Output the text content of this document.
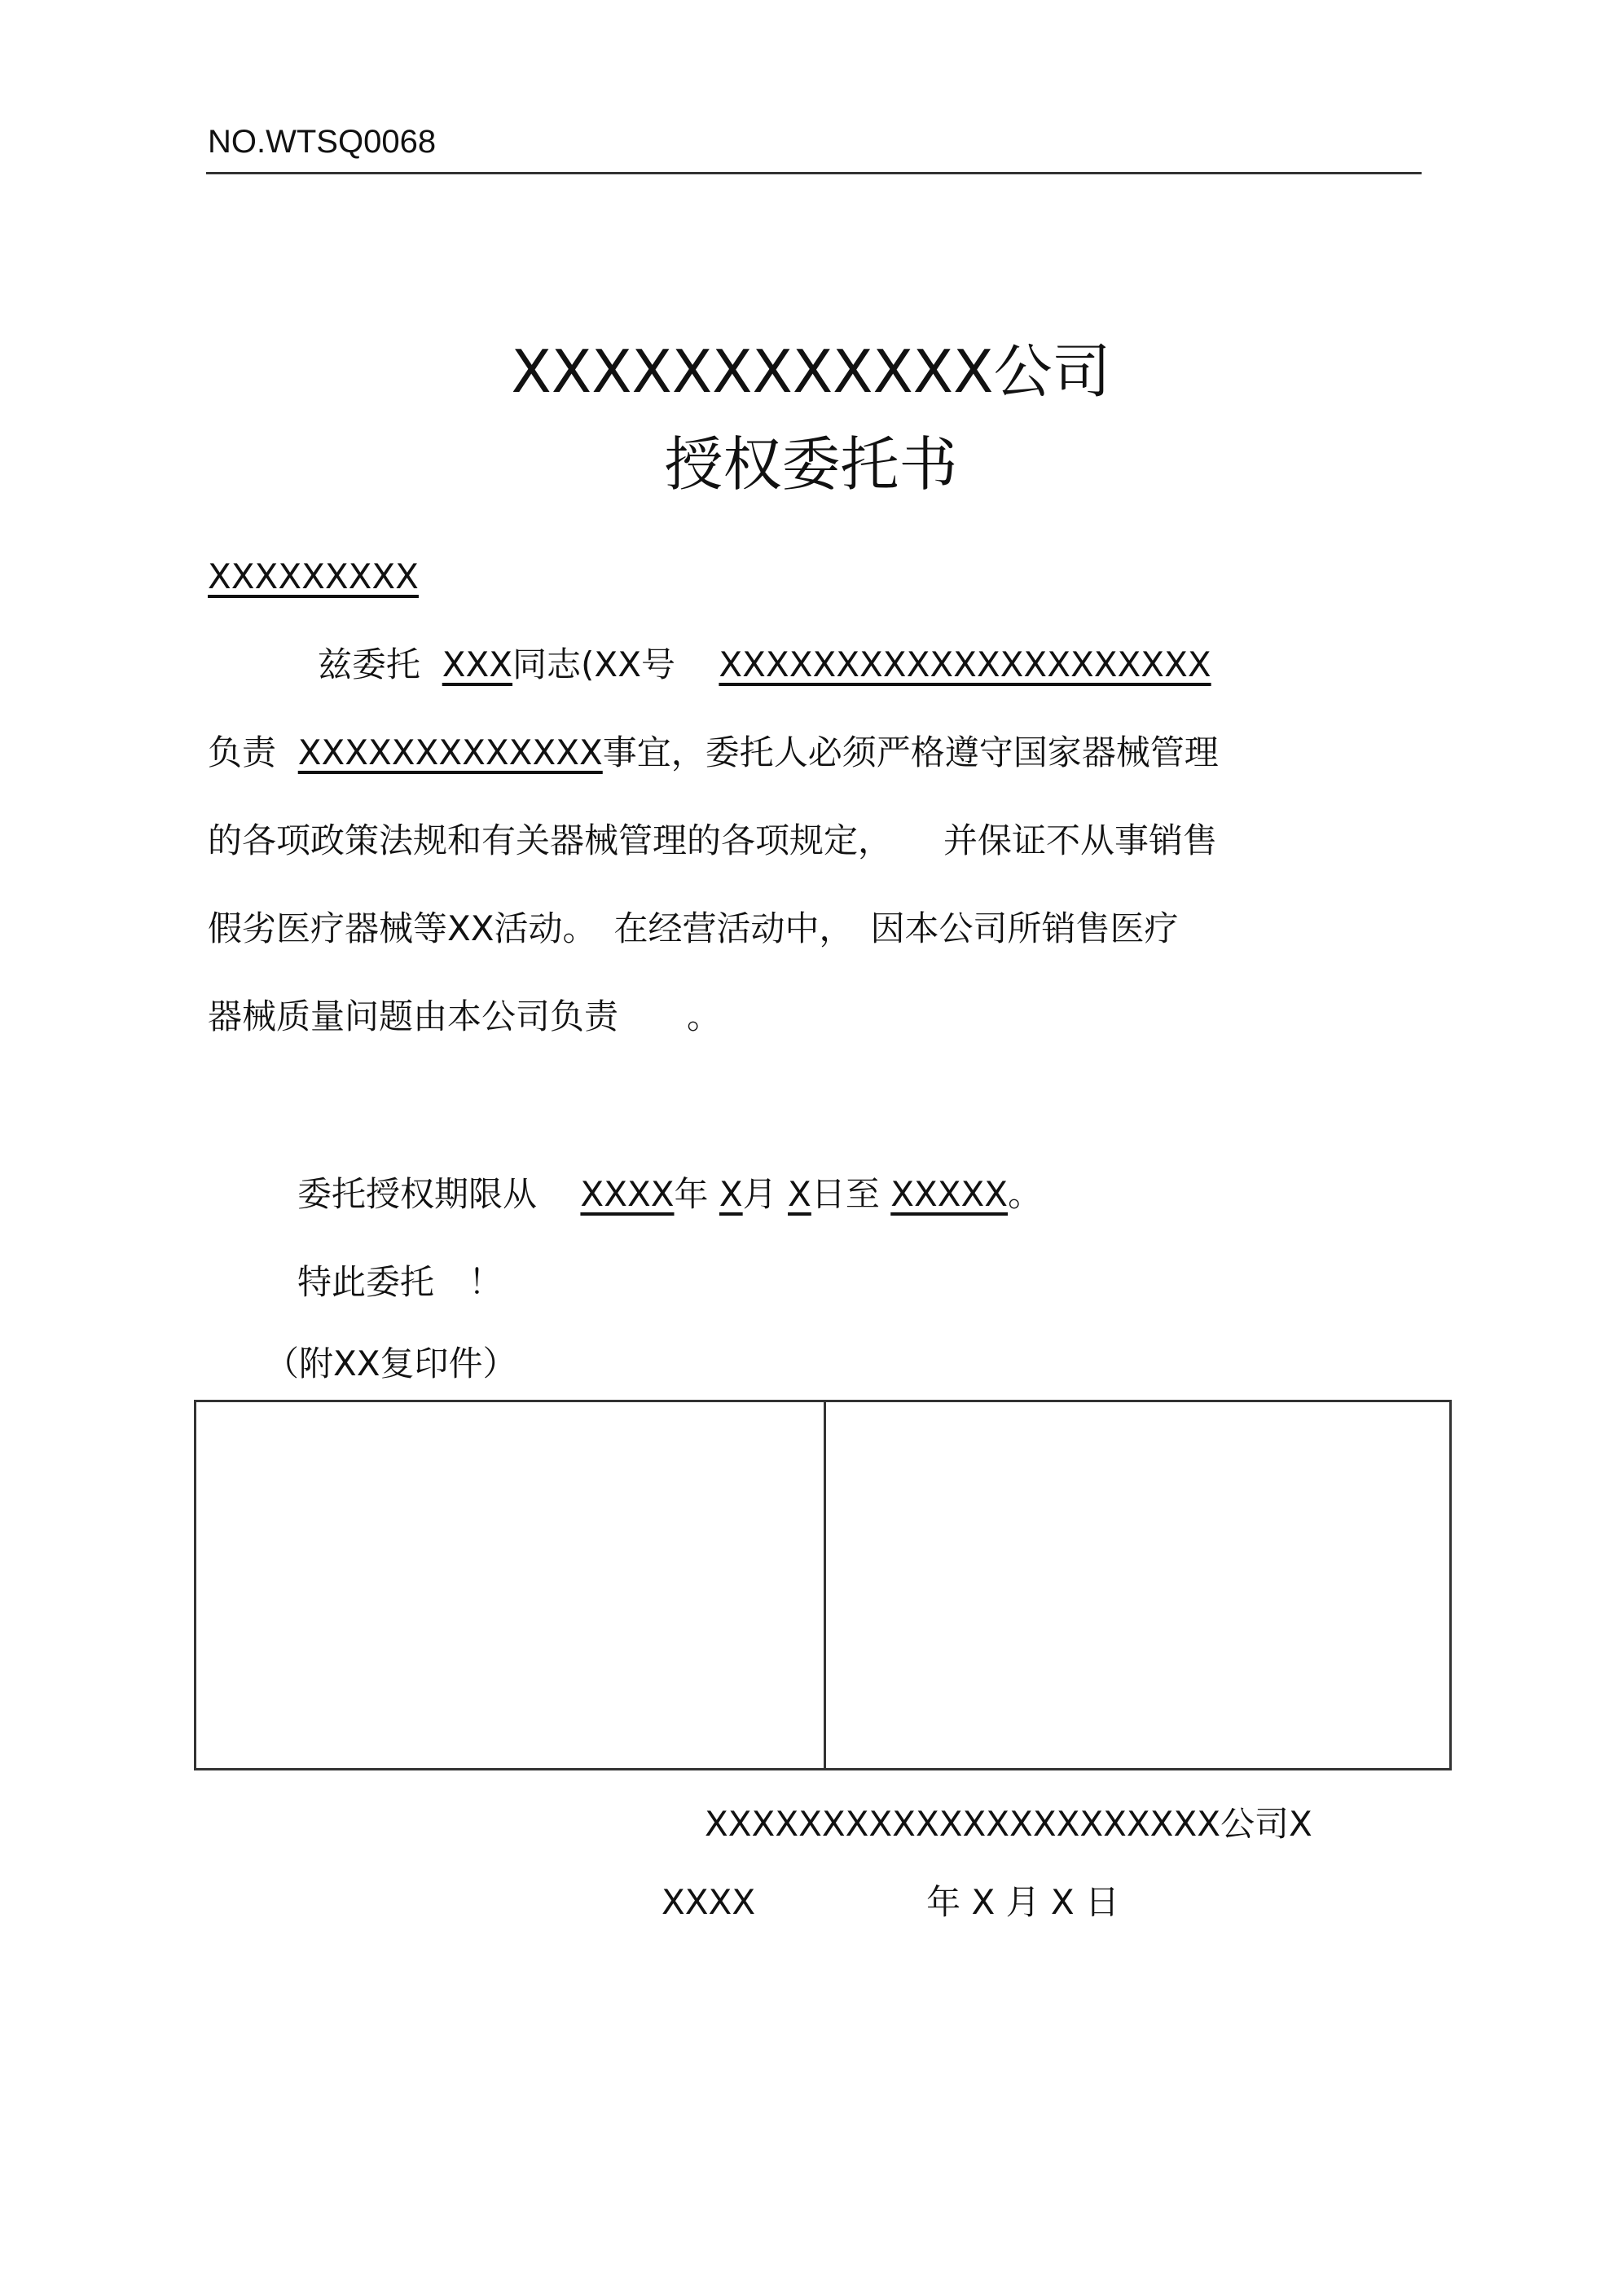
NO.WTSQ0068
XXXXXXXXXXXX公司
授权委托书
XXXXXXXXX
兹委托 XXX同志(XX号 XXXXXXXXXXXXXXXXXXXXX
负责 XXXXXXXXXXXXX事宜，委托人必须严格遵守国家器械管理
的各项政策法规和有关器械管理的各项规定，　　并保证不从事销售
假劣医疗器械等XX活动。　在经营活动中，　因本公司所销售医疗
器械质量问题由本公司负责　　。
委托授权期限从 XXXX年 X月 X日至 XXXXX。
特此委托　！
（附XX复印件）
XXXXXXXXXXXXXXXXXXXXXX公司X
XXXX　　　　　年 X 月 X 日
